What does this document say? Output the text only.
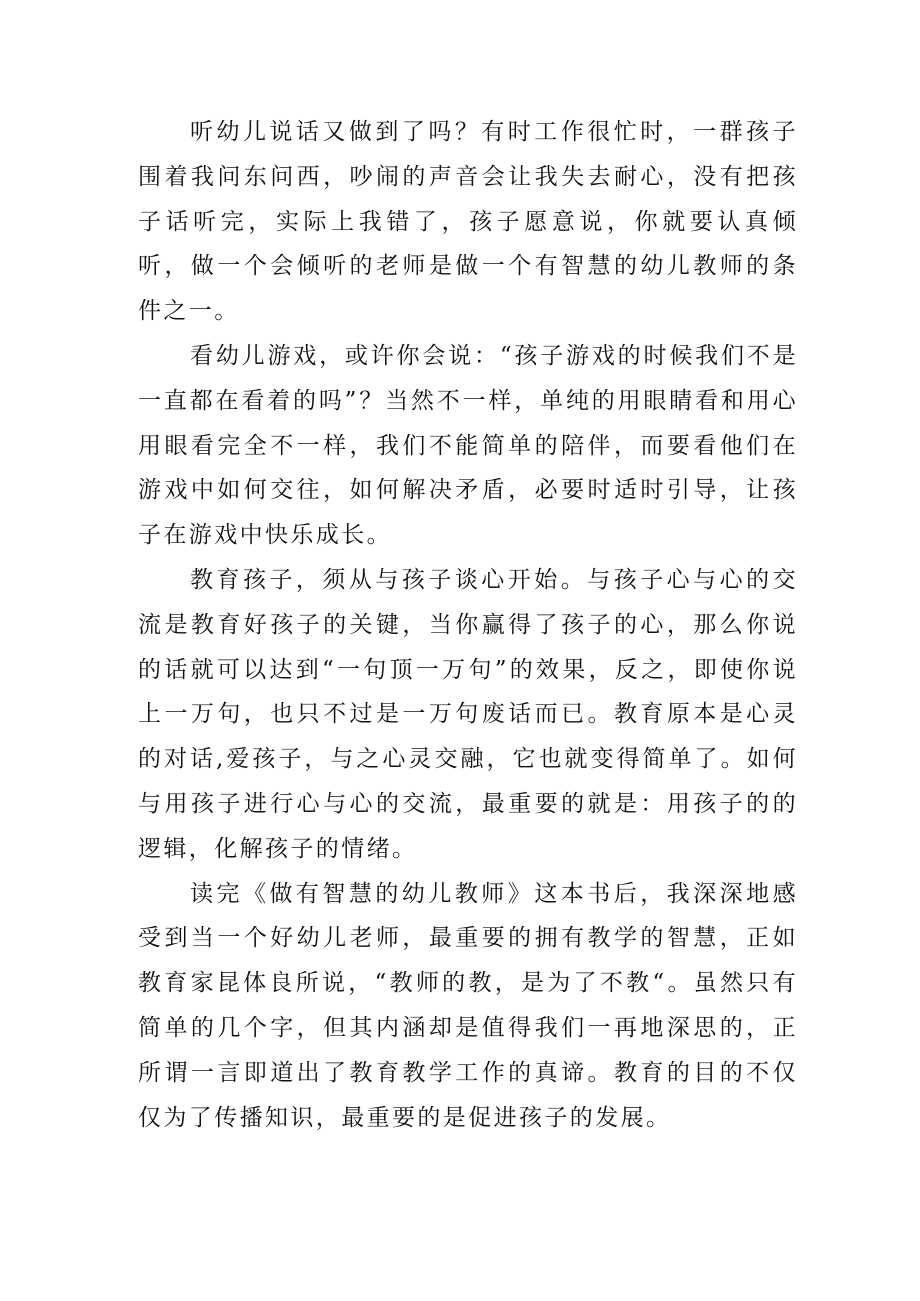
听幼儿说话又做到了吗？有时工作很忙时，一群孩子围着我问东问西，吵闹的声音会让我失去耐心，没有把孩子话听完，实际上我错了，孩子愿意说，你就要认真倾听，做一个会倾听的老师是做一个有智慧的幼儿教师的条件之一。

看幼儿游戏，或许你会说：“孩子游戏的时候我们不是一直都在看着的吗”？当然不一样，单纯的用眼睛看和用心用眼看完全不一样，我们不能简单的陪伴，而要看他们在游戏中如何交往，如何解决矛盾，必要时适时引导，让孩子在游戏中快乐成长。

教育孩子，须从与孩子谈心开始。与孩子心与心的交流是教育好孩子的关键，当你赢得了孩子的心，那么你说的话就可以达到“一句顶一万句”的效果，反之，即使你说上一万句，也只不过是一万句废话而已。教育原本是心灵的对话,爱孩子，与之心灵交融，它也就变得简单了。如何与用孩子进行心与心的交流，最重要的就是：用孩子的的逻辑，化解孩子的情绪。

读完《做有智慧的幼儿教师》这本书后，我深深地感受到当一个好幼儿老师，最重要的拥有教学的智慧，正如教育家昆体良所说，“教师的教，是为了不教“。虽然只有简单的几个字，但其内涵却是值得我们一再地深思的，正所谓一言即道出了教育教学工作的真谛。教育的目的不仅仅为了传播知识，最重要的是促进孩子的发展。
